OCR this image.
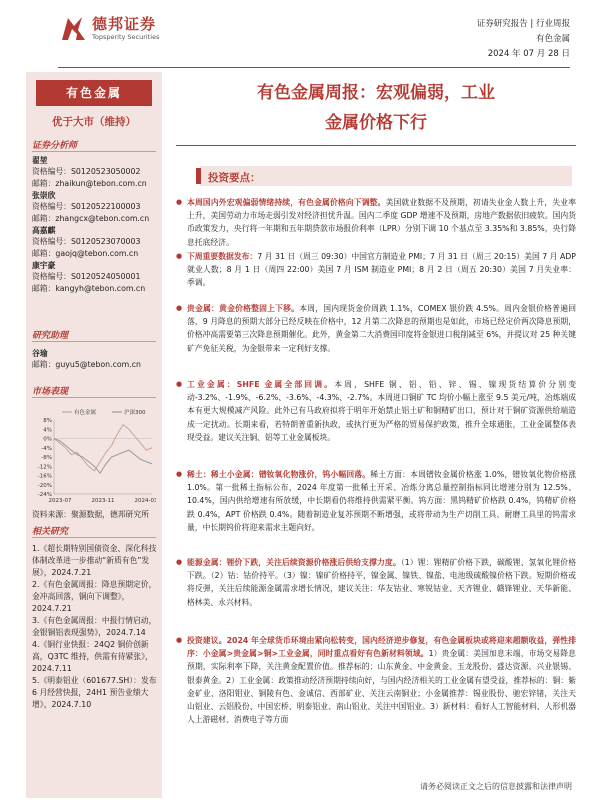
德邦证券
Topsperity Securities
证券研究报告 | 行业周报
有色金属
2024 年 07 月 28 日
有色金属
优于大市（维持）
证券分析师
翟堃
资格编号：S0120523050002
邮箱：zhaikun@tebon.com.cn
张崇欣
资格编号：S0120522100003
邮箱：zhangcx@tebon.com.cn
高嘉麒
资格编号：S0120523070003
邮箱：gaojq@tebon.com.cn
康宇豪
资格编号：S0120524050001
邮箱：kangyh@tebon.com.cn
研究助理
谷瑜
邮箱：guyu5@tebon.com.cn
市场表现
8%
4%
0%
-4%
-8%
-12%
-16%
-20%
-24%
2023-07	2023-11	2024-03
有色金属	沪深300
资料来源：聚源数据，德邦研究所
相关研究
1.《超长期特别国债资金、深化科技体制改革进一步推动“新质有色”发展》，2024.7.21
2.《有色金属周报：降息预期定价，金冲高回落，铜向下调整》，2024.7.21
3.《有色金属周报：中报行情启动，金银铜铝表现强势》，2024.7.14
4.《铜行业快报：24Q2 铜价创新高，Q3TC 维持，供需有待紧张》，2024.7.11
5.《明泰铝业（601677.SH）：发布 6 月经营快报，24H1 预告业绩大增》，2024.7.10
有色金属周报：宏观偏弱，工业
金属价格下行
投资要点：
● 本周国内外宏观偏弱情绪持续，有色金属价格向下调整。美国就业数据不及预期，初请失业金人数上升，失业率上升，美国劳动力市场走弱引发对经济担忧升温。国内二季度 GDP 增速不及预期，房地产数据依旧疲软。国内货币政策发力，央行将一年期和五年期贷款市场报价利率（LPR）分别下调 10 个基点至 3.35%和 3.85%，央行降息托底经济。
● 下周重要数据发布：7 月 31 日（周三 09:30）中国官方制造业 PMI；7 月 31 日（周三 20:15）美国 7 月 ADP 就业人数；8 月 1 日（周四 22:00）美国 7 月 ISM 制造业 PMI；8 月 2 日（周五 20:30）美国 7 月失业率：季调。
● 贵金属：黄金价格整固上下移。本周，国内现货金价周跌 1.1%，COMEX 银价跌 4.5%。周内金银价格普遍回落，9 月降息的预期大部分已经反映在价格中，12 月第二次降息的预期也是如此，市场已经定价两次降息预期，价格冲高需要第三次降息预期催化。此外，黄金第二大消费国印度将金银进口税削减至 6%，并提议对 25 种关键矿产免征关税，为金银带来一定利好支撑。
● 工业金属：SHFE 金属全部回调。本周，SHFE 铜、铝、铅、锌、锡、镍现货结算价分别变动-3.2%、-1.9%、-6.2%、-3.6%、-4.3%、-2.7%。本周进口铜矿 TC 均价小幅上涨至 9.5 美元/吨，冶炼端成本有更大规模减产风险。此外已有马政府拟将于明年开始禁止铝土矿和铜精矿出口，预计对于铜矿资源供给端造成一定扰动。长期来看，若特朗普重新执政，或执行更为严格的贸易保护政策，推升全球通胀，工业金属整体表现受益。建议关注铜、铝等工业金属板块。
● 稀土：稀土小金属：镨钕氧化物涨价，钨小幅回落。稀土方面：本周镨钕金属价格涨 1.0%，镨钕氧化物价格涨 1.0%。第一批稀土指标公布，2024 年度第一批稀土开采、冶炼分离总量控制指标同比增速分别为 12.5%、10.4%，国内供给增速有所放缓，中长期看仍将维持供需紧平衡。钨方面：黑钨精矿价格跌 0.4%，钨精矿价格跌 0.4%，APT 价格跌 0.4%。随着制造业复苏预期不断增强，或将带动为生产切削工具、耐磨工具里的钨需求量，中长期钨价将迎来需求主题向好。
● 能源金属：锂价下跌，关注后续资源价格涨后供给支撑力度。（1）锂：锂精矿价格下跌，碳酸锂、氢氧化锂价格下跌。（2）钴：钴价持平。（3）镍：镍矿价格持平，镍金属、镍铁、镍盐、电池级硫酸镍价格下跌。短期价格或将反弹，关注后续能源金属需求增长情况，建议关注：华友钴业、寒锐钴业、天齐锂业、赣锋锂业、天华新能、格林美、永兴材料。
● 投资建议。2024 年全球货币环境由紧向松转变，国内经济逆步修复，有色金属板块或将迎来超额收益，弹性排序：小金属>贵金属>铜>工业金属，同时重点看好有色新材料领域。1）贵金属：美国加息末端，市场交易降息预期，实际利率下降，关注黄金配置价值。推荐标的：山东黄金、中金黄金、玉龙股份、盛达资源、兴业银锡、银泰黄金。2）工业金属：政策推动经济预期持续向好，与国内经济相关的工业金属有望受益，推荐标的：铜：紫金矿业、洛阳钼业、铜陵有色、金诚信、西部矿业、关注云南铜业；小金属推荐：锡业股份、驰宏锌锗，关注天山铝业、云铝股份、中国宏桥、明泰铝业、南山铝业、关注中国铝业。3）新材料：看好人工智能材料、人形机器人上游磁材、消费电子等方面
请务必阅读正文之后的信息披露和法律声明
